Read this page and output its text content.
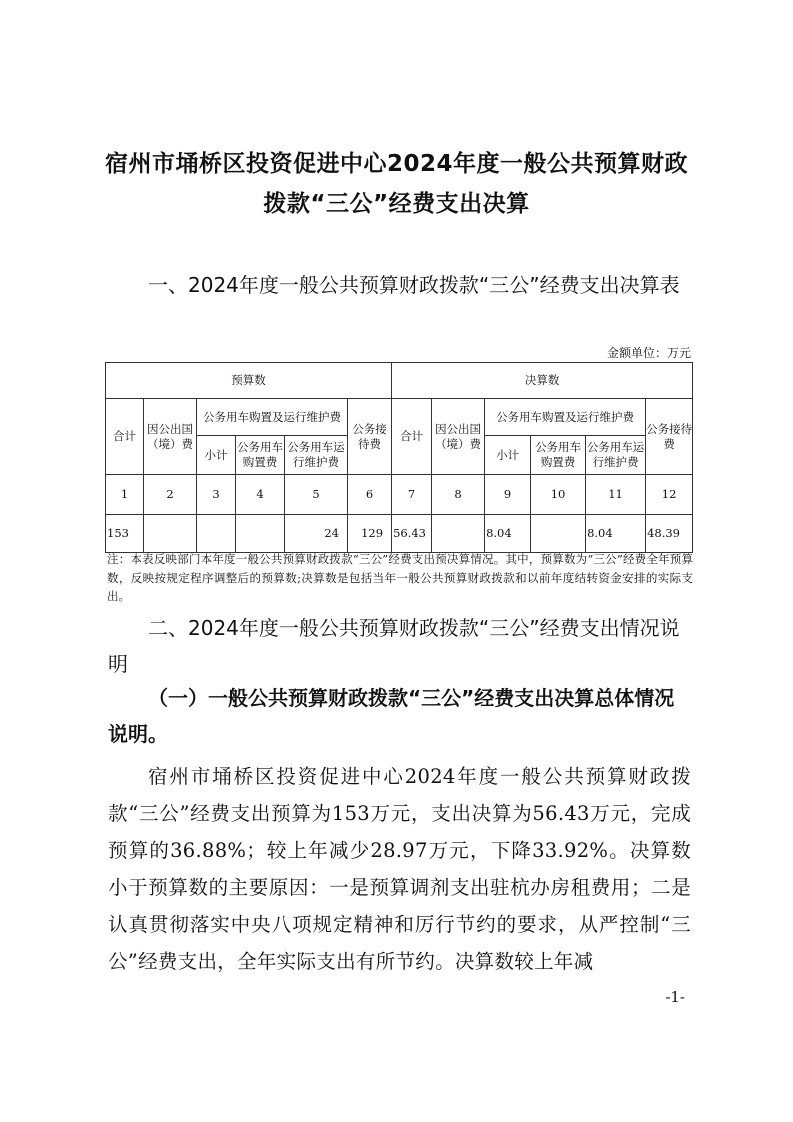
宿州市埇桥区投资促进中心2024年度一般公共预算财政
拨款“三公”经费支出决算
一、2024年度一般公共预算财政拨款“三公”经费支出决算表
金额单位：万元
预算数						决算数					
合计	因公出国（境）费	公务用车购置及运行维护费			公务接待费	合计	因公出国（境）费	公务用车购置及运行维护费			公务接待费
		小计	公务用车购置费	公务用车运行维护费				小计	公务用车购置费	公务用车运行维护费	
1	2	3	4	5	6	7	8	9	10	11	12
153				24	129	56.43		8.04		8.04	48.39
注：本表反映部门本年度一般公共预算财政拨款“三公”经费支出预决算情况。其中，预算数为“三公”经费全年预算数，反映按规定程序调整后的预算数;决算数是包括当年一般公共预算财政拨款和以前年度结转资金安排的实际支出。
二、2024年度一般公共预算财政拨款“三公”经费支出情况说明
（一）一般公共预算财政拨款“三公”经费支出决算总体情况说明。
宿州市埇桥区投资促进中心2024年度一般公共预算财政拨款“三公”经费支出预算为153万元，支出决算为56.43万元，完成预算的36.88%；较上年减少28.97万元，下降33.92%。决算数小于预算数的主要原因：一是预算调剂支出驻杭办房租费用；二是认真贯彻落实中央八项规定精神和厉行节约的要求，从严控制“三公”经费支出，全年实际支出有所节约。决算数较上年减
-1-
